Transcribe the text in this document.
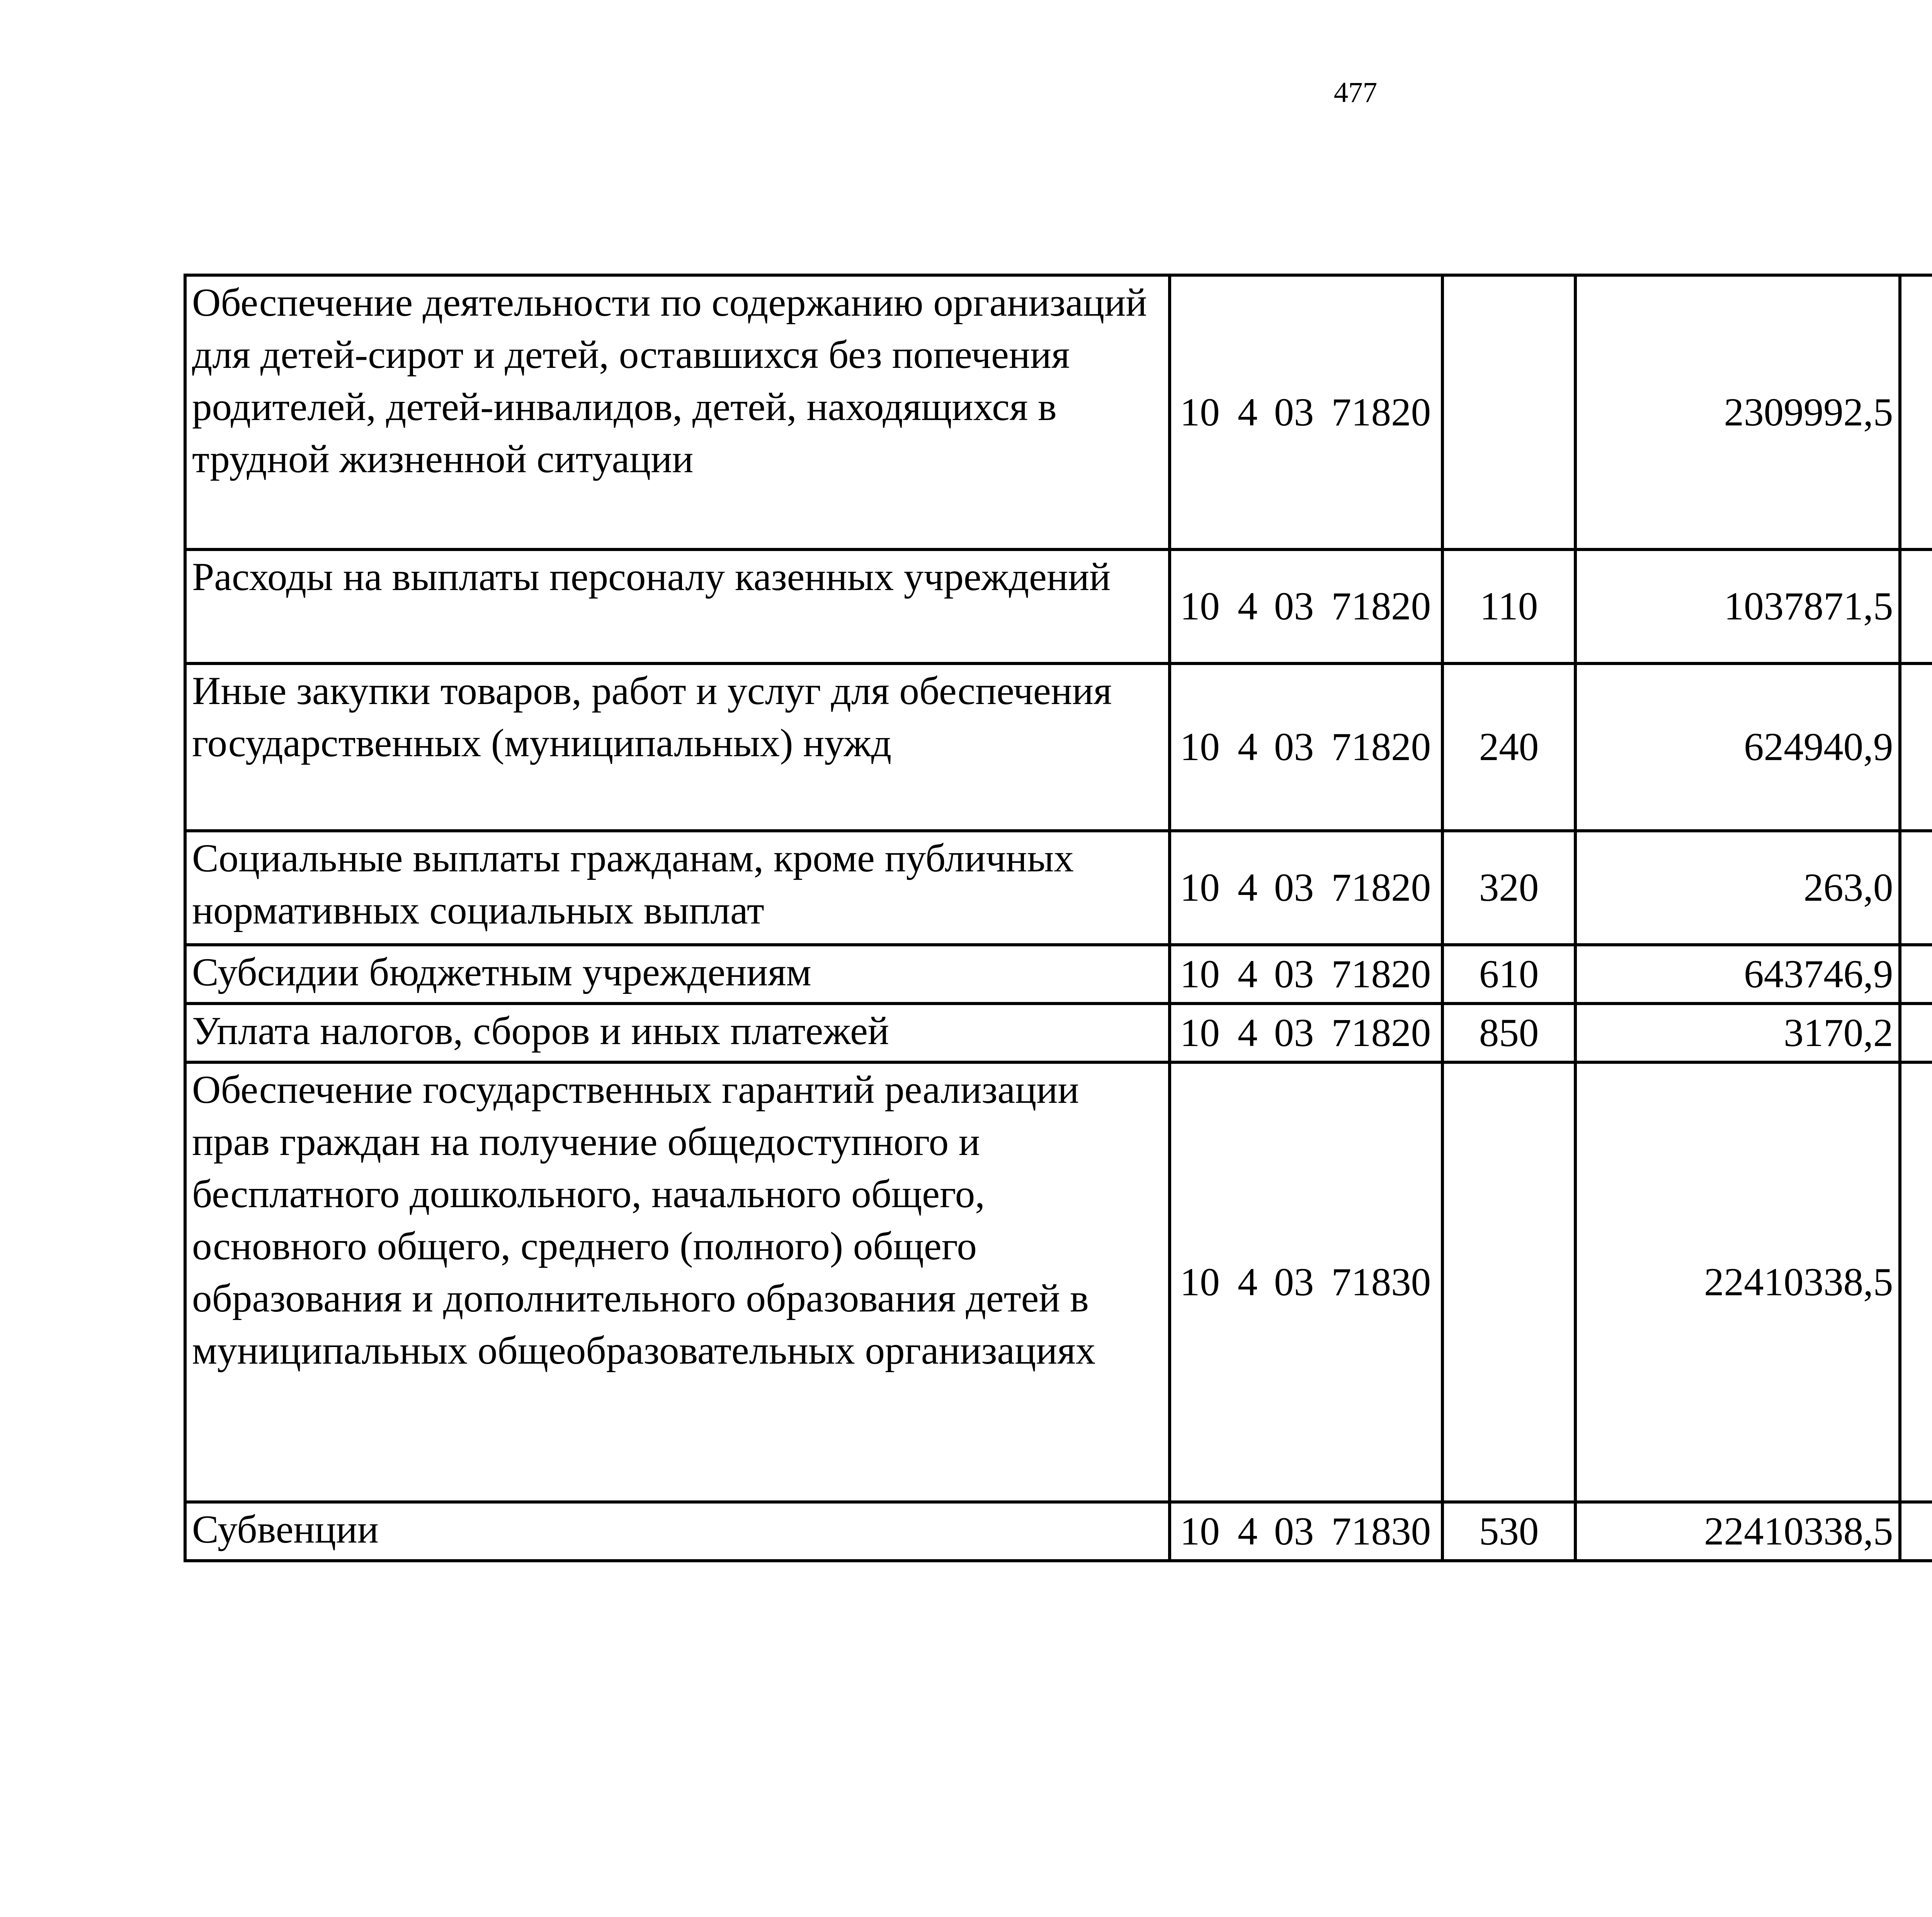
477
Обеспечение деятельности по содержанию организаций для детей-сирот и детей, оставшихся без попечения родителей, детей-инвалидов, детей, находящихся в трудной жизненной ситуации	10	4	03	71820		2309992,5		
Расходы на выплаты персоналу казенных учреждений	10	4	03	71820	110	1037871,5		
Иные закупки товаров, работ и услуг для обеспечения государственных (муниципальных) нужд	10	4	03	71820	240	624940,9		
Социальные выплаты гражданам, кроме публичных нормативных социальных выплат	10	4	03	71820	320	263,0		
Субсидии бюджетным учреждениям	10	4	03	71820	610	643746,9		
Уплата налогов, сборов и иных платежей	10	4	03	71820	850	3170,2		
Обеспечение государственных гарантий реализации прав граждан на получение общедоступного и бесплатного дошкольного, начального общего, основного общего, среднего (полного) общего образования и дополнительного образования детей в муниципальных общеобразовательных организациях	10	4	03	71830		22410338,5		
Субвенции	10	4	03	71830	530	22410338,5		
